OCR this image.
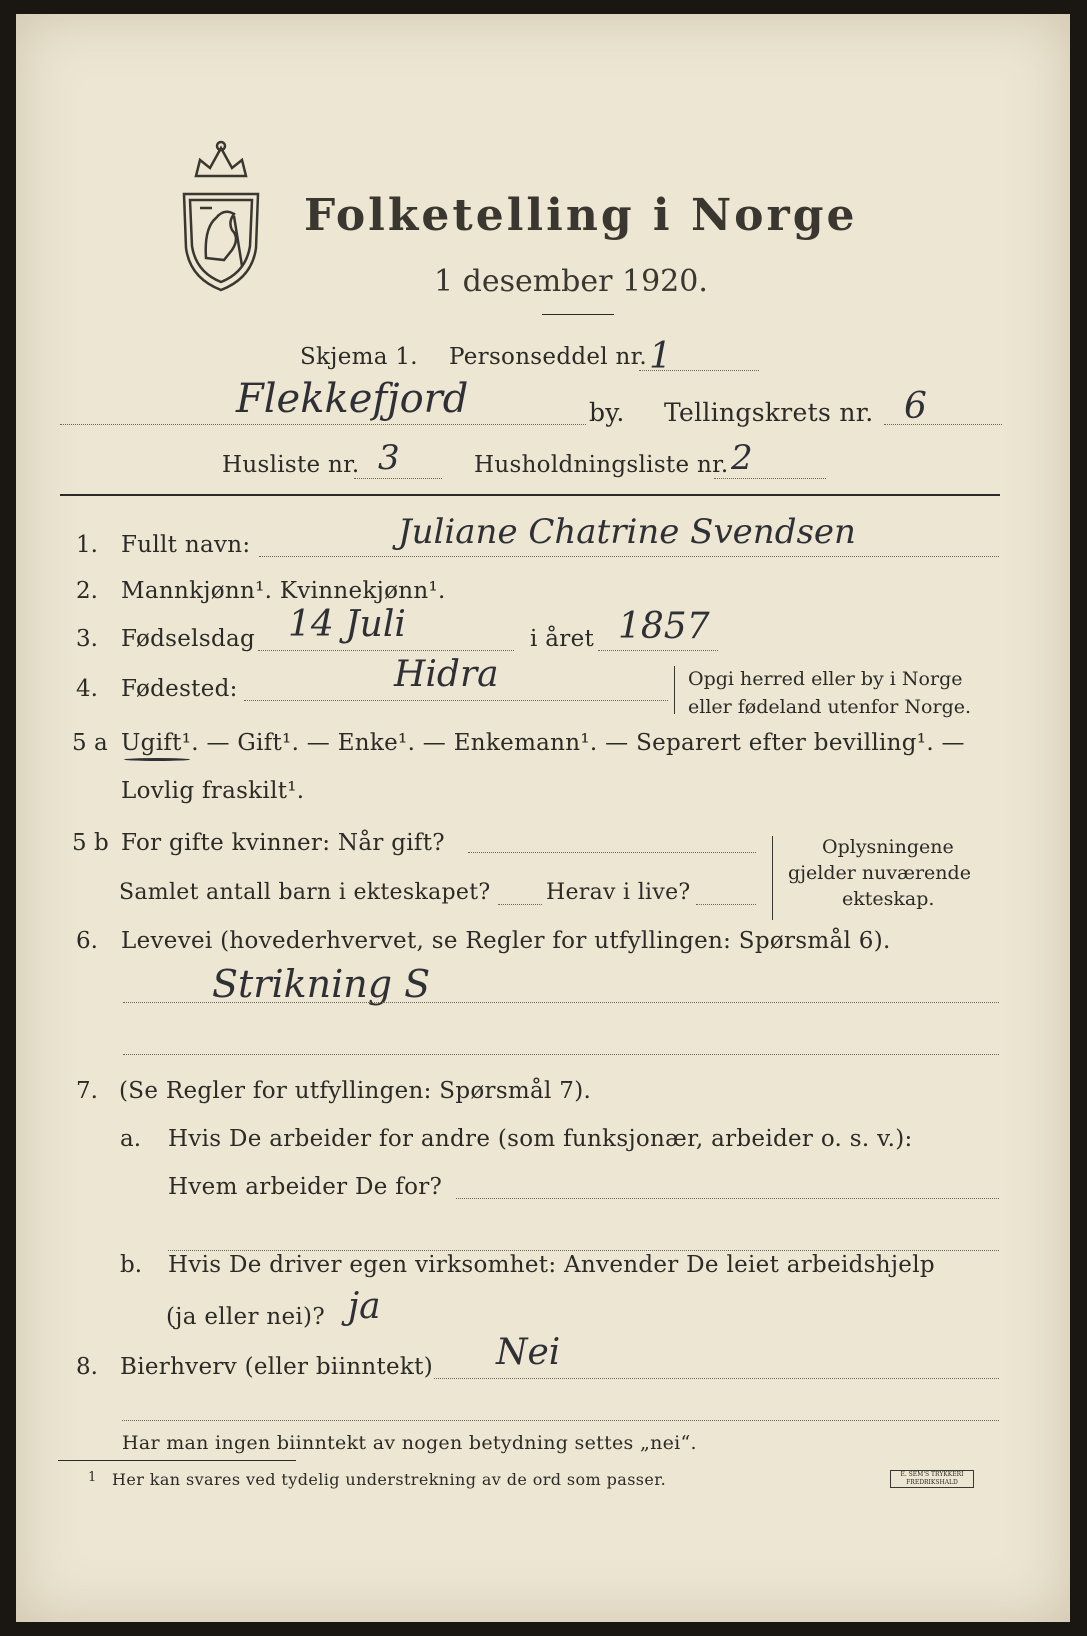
Folketelling i Norge
1 desember 1920.
Skjema 1. Personseddel nr. 1
Flekkefjord	by. Tellingskrets nr. 6
Husliste nr. 3	Husholdningsliste nr. 2
1. Fullt navn:	Juliane Chatrine Svendsen
2. Mannkjønn¹. Kvinnekjønn¹.
3. Fødselsdag 14 Juli	i året 1857
4. Fødested:	Hidra	Opgi herred eller by i Norge
eller fødeland utenfor Norge.
5 a Ugift¹. — Gift¹. — Enke¹. — Enkemann¹. — Separert efter bevilling¹. —
Lovlig fraskilt¹.
5 b For gifte kvinner: Når gift?
Samlet antall barn i ekteskapet?	Herav i live?
Oplysningene
gjelder nuværende
ekteskap.
6. Levevei (hovederhvervet, se Regler for utfyllingen: Spørsmål 6).
Strikning S
7. (Se Regler for utfyllingen: Spørsmål 7).
a. Hvis De arbeider for andre (som funksjonær, arbeider o. s. v.):
Hvem arbeider De for?
b. Hvis De driver egen virksomhet: Anvender De leiet arbeidshjelp
(ja eller nei)? ja
8. Bierhverv (eller biinntekt) Nei
Har man ingen biinntekt av nogen betydning settes „nei“.
1 Her kan svares ved tydelig understrekning av de ord som passer.	E. SEM'S TRYKKERI FREDRIKSHALD
